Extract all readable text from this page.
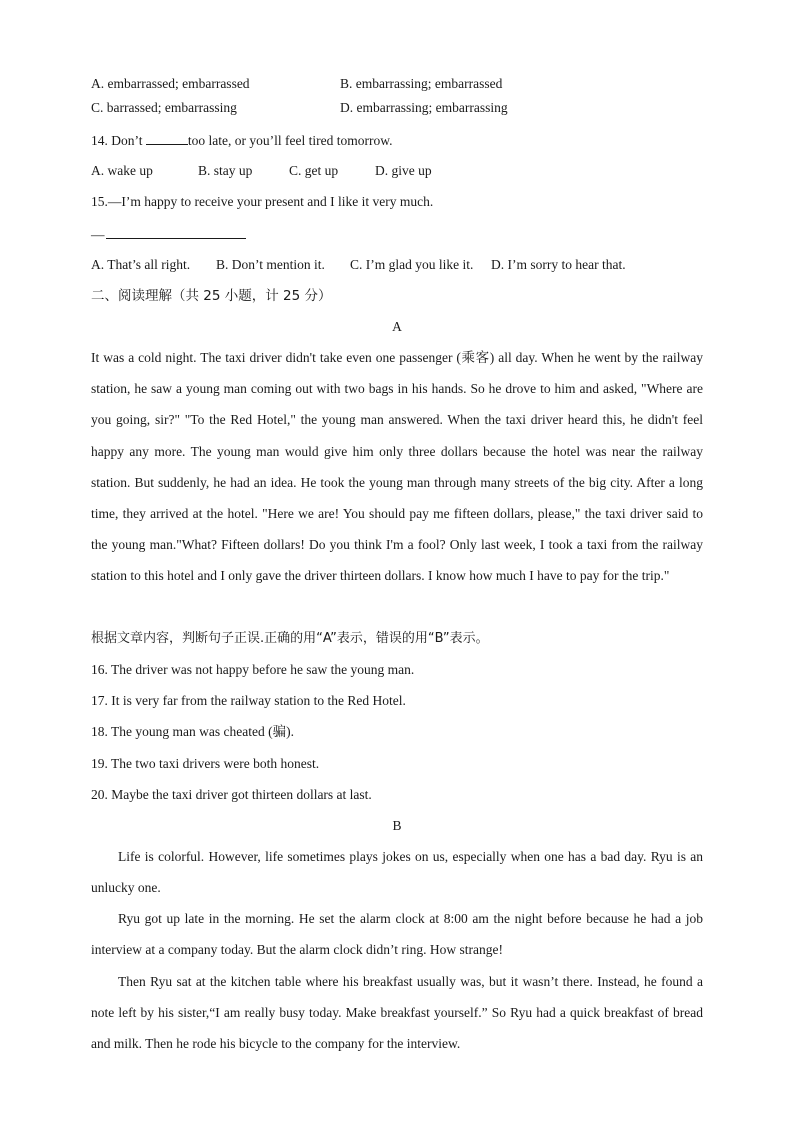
A. embarrassed; embarrassed	B. embarrassing; embarrassed
C. barrassed; embarrassing	D. embarrassing; embarrassing
14. Don’t	too late, or you’ll feel tired tomorrow.
A. wake up	B. stay up	C. get up	D. give up
15.—I’m happy to receive your present and I like it very much.
—
A. That’s all right. B. Don’t mention it. C. I’m glad you like it. D. I’m sorry to hear that.
二、阅读理解（共 25 小题，计 25 分）
A
It was a cold night. The taxi driver didn't take even one passenger (乘客) all day. When he went by the railway station, he saw a young man coming out with two bags in his hands. So he drove to him and asked, "Where are you going, sir?" "To the Red Hotel," the young man answered. When the taxi driver heard this, he didn't feel happy any more. The young man would give him only three dollars because the hotel was near the railway station. But suddenly, he had an idea. He took the young man through many streets of the big city. After a long time, they arrived at the hotel. "Here we are! You should pay me fifteen dollars, please," the taxi driver said to the young man."What? Fifteen dollars! Do you think I'm a fool? Only last week, I took a taxi from the railway station to this hotel and I only gave the driver thirteen dollars. I know how much I have to pay for the trip."
根据文章内容，判断句子正误.正确的用“A”表示，错误的用“B”表示。
16. The driver was not happy before he saw the young man.
17. It is very far from the railway station to the Red Hotel.
18. The young man was cheated (骗).
19. The two taxi drivers were both honest.
20. Maybe the taxi driver got thirteen dollars at last.
B
Life is colorful. However, life sometimes plays jokes on us, especially when one has a bad day. Ryu is an unlucky one.
Ryu got up late in the morning. He set the alarm clock at 8:00 am the night before because he had a job interview at a company today. But the alarm clock didn’t ring. How strange!
Then Ryu sat at the kitchen table where his breakfast usually was, but it wasn’t there. Instead, he found a note left by his sister,“I am really busy today. Make breakfast yourself.” So Ryu had a quick breakfast of bread and milk. Then he rode his bicycle to the company for the interview.
